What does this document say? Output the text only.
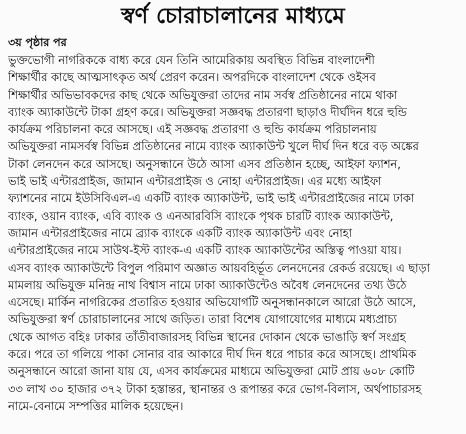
স্বর্ণ চোরাচালানের মাধ্যমে
৩য় পৃষ্ঠার পর
ভুক্তভোগী নাগরিককে বাধ্য করে যেন তিনি আমেরিকায় অবস্থিত বিভিন্ন বাংলাদেশী
শিক্ষার্থীর কাছে আত্মসাৎকৃত অর্থ প্রেরণ করেন। অপরদিকে বাংলাদেশ থেকে ওইসব
শিক্ষার্থীর অভিভাবকদের কাছ থেকে অভিযুক্তরা তাদের নাম সর্বস্ব প্রতিষ্ঠানের নামে থাকা
ব্যাংক অ্যাকাউন্টে টাকা গ্রহণ করে। অভিযুক্তরা সজ্ঞবদ্ধ প্রতারণা ছাড়াও দীর্ঘদিন ধরে হুন্ডি
কার্যক্রম পরিচালনা করে আসছে। এই সজ্ঞবদ্ধ প্রতারণা ও হুন্ডি কার্যক্রম পরিচালনায়
অভিযুক্তরা নামসর্বস্ব বিভিন্ন প্রতিষ্ঠানের নামে ব্যাংক অ্যাকাউন্ট খুলে দীর্ঘ দিন ধরে বড় অঙ্কের
টাকা লেনদেন করে আসছে। অনুসন্ধানে উঠে আসা এসব প্রতিষ্ঠান হচ্ছে, আইফা ফ্যাশন,
ভাই ভাই এন্টারপ্রাইজ, জামান এন্টারপ্রাইজ ও নোহা এন্টারপ্রাইজ। এর মধ্যে আইফা
ফ্যাশনের নামে ইউসিবিএল-এ একটি ব্যাংক অ্যাকাউন্ট, ভাই ভাই এন্টারপ্রাইজের নামে ঢাকা
ব্যাংক, ওয়ান ব্যাংক, এবি ব্যাংক ও এনআরবিসি ব্যাংকে পৃথক চারটি ব্যাংক অ্যাকাউন্ট,
জামান এন্টারপ্রাইজের নামে ব্র্যাক ব্যাংকে একটি ব্যাংক অ্যাকাউন্ট এবং নোহা
এন্টারপ্রাইজের নামে সাউথ-ইস্ট ব্যাংক-এ একটি ব্যাংক অ্যাকাউন্টের অস্তিত্ব পাওয়া যায়।
এসব ব্যাংক অ্যাকাউন্টে বিপুল পরিমাণ অজ্ঞাত আয়বহির্ভূত লেনদেনের রেকর্ড রয়েছে। এ ছাড়া
মামলায় অভিযুক্ত মনিন্দ্র নাথ বিশ্বাস নামে ঢাকা অ্যাকাউন্টেও অবৈধ লেনদেনের তথ্য উঠে
এসেছে। মার্কিন নাগরিকের প্রতারিত হওয়ার অভিযোগটি অনুসন্ধানকালে আরো উঠে আসে,
অভিযুক্তরা স্বর্ণ চোরাচালানের সাথে জড়িত। তারা বিশেষ যোগাযোগের মাধ্যমে মধ্যপ্রাচ্য
থেকে আগত বহিঃ ঢাকার তাঁতীবাজারসহ বিভিন্ন স্থানের দোকান থেকে ভাঙাড়ি স্বর্ণ সংগ্রহ
করে। পরে তা গলিয়ে পাকা সোনার বার আকারে দীর্ঘ দিন ধরে পাচার করে আসছে। প্রাথমিক
অনুসন্ধানে আরো জানা যায় যে, এসব কার্যক্রমের মাধ্যমে অভিযুক্তরা মোট প্রায় ৬০৮ কোটি
৩৩ লাখ ৩০ হাজার ৩৭২ টাকা হস্তান্তর, স্থানান্তর ও রূপান্তর করে ভোগ-বিলাস, অর্থপাচারসহ
নামে-বেনামে সম্পত্তির মালিক হয়েছেন।
